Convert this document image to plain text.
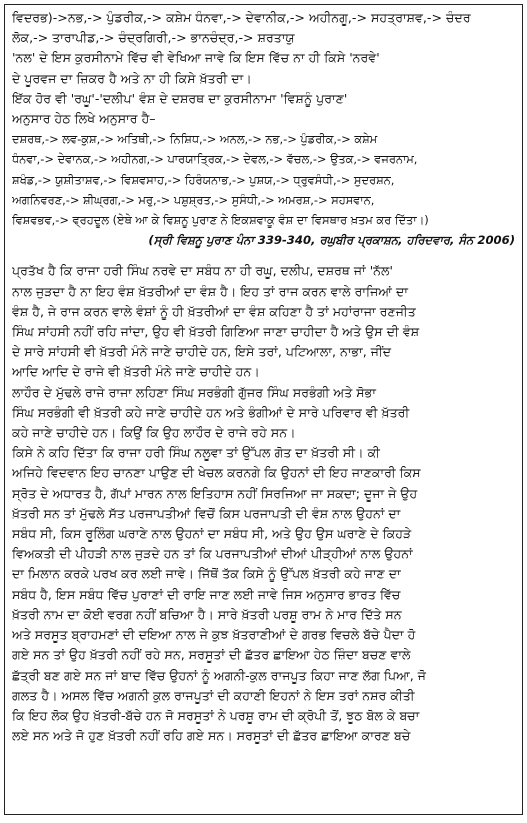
ਵਿਦਰਭ)->ਨਭ,-> ਪੁੰਡਰੀਕ,-> ਕਸ਼ੇਮ ਧੰਨਵਾ,-> ਦੇਵਾਨੀਕ,-> ਅਹੀਨਗੂ,-> ਸਹਤ੍ਰਾਸ਼ਵ,-> ਚੰਦਰ
ਲੋਕ,-> ਤਾਰਾਪੀਡ,-> ਚੰਦ੍ਰਗਿਰੀ,-> ਭਾਨਚੰਦ੍ਰ,-> ਸ਼ਰਤਾਯੁ
'ਨਲ' ਦੇ ਇਸ ਕੁਰਸੀਨਾਮੇ ਵਿੱਚ ਵੀ ਵੇਖਿਆ ਜਾਵੇ ਕਿ ਇਸ ਵਿੱਚ ਨਾ ਹੀ ਕਿਸੇ 'ਨਰਵੇ'
ਦੇ ਪੂਰਵਜ ਦਾ ਜ਼ਿਕਰ ਹੈ ਅਤੇ ਨਾ ਹੀ ਕਿਸੇ ਖ਼ੱਤਰੀ ਦਾ।
ਇੱਕ ਹੋਰ ਵੀ 'ਰਘੂ'-'ਦਲੀਪ' ਵੰਸ਼ ਦੇ ਦਸ਼ਰਥ ਦਾ ਕੁਰਸੀਨਾਮਾ 'ਵਿਸ਼ਨੂੰ ਪੁਰਾਣ'
ਅਨੁਸਾਰ ਹੇਠ ਲਿਖੇ ਅਨੁਸਾਰ ਹੈ–
ਦਸ਼ਰਥ,-> ਲਵ-ਕੁਸ਼,-> ਅਤਿਥੀ,-> ਨਿਸ਼ਿਧ,-> ਅਨਲ,-> ਨਭ,-> ਪੁੰਡਰੀਕ,-> ਕਸ਼ੇਮ
ਧੰਨਵਾ,-> ਦੇਵਾਨਕ,-> ਅਹੀਨਗ,-> ਪਾਰਯਾਤ੍ਰਿਕ,-> ਦੇਵਲ,-> ਵੱਚਲ,-> ਉਤਕ,-> ਵਜਰਨਾਮ,
ਸ਼ਖੰਡ,-> ਯੁਸ਼ੀਤਾਸ਼ਵ,-> ਵਿਸ਼ਵਸਾਹ,-> ਹਿਰੰਯਨਾਭ,-> ਪੁਸ਼ਯ,-> ਧ੍ਰੁਵਸੰਧੀ,-> ਸੁਦਰਸ਼ਨ,
ਅਗਨਿਵਰਣ,-> ਸ਼ੀਘ੍ਰਗ,-> ਮਰੁ,-> ਪਸ਼ੁਸ਼੍ਰਤ,-> ਸੁਸੰਧੀ,-> ਅਮਰਸ਼,-> ਸਹਸਵਾਨ,
ਵਿਸ਼ਵਭਵ,-> ਵ੍ਰਹਦੂਲ (ਏਥੇ ਆ ਕੇ ਵਿਸ਼ਨੂ ਪੁਰਾਣ ਨੇ ਇਕਸ਼ਵਾਕੂ ਵੰਸ਼ ਦਾ ਵਿਸਥਾਰ ਖ਼ਤਮ ਕਰ ਦਿੱਤਾ।)
(ਸ੍ਰੀ ਵਿਸ਼ਨੂ ਪੁਰਾਣ ਪੰਨਾ 339-340, ਰਘੁਬੀਰ ਪ੍ਰਕਾਸ਼ਨ, ਹਰਿਦਵਾਰ, ਸੰਨ 2006)
ਪ੍ਰਤੱਖ ਹੈ ਕਿ ਰਾਜਾ ਹਰੀ ਸਿੰਘ ਨਰਵੇ ਦਾ ਸਬੰਧ ਨਾ ਹੀ ਰਘੂ, ਦਲੀਪ, ਦਸ਼ਰਥ ਜਾਂ 'ਨੱਲ'
ਨਾਲ ਜੁੜਦਾ ਹੈ ਨਾ ਇਹ ਵੰਸ਼ ਖ਼ੱਤਰੀਆਂ ਦਾ ਵੰਸ਼ ਹੈ। ਇਹ ਤਾਂ ਰਾਜ ਕਰਨ ਵਾਲੇ ਰਾਜਿਆਂ ਦਾ
ਵੰਸ਼ ਹੈ, ਜੇ ਰਾਜ ਕਰਨ ਵਾਲੇ ਵੰਸ਼ਾਂ ਨੂੰ ਹੀ ਖ਼ੱਤਰੀਆਂ ਦਾ ਵੰਸ਼ ਕਹਿਣਾ ਹੈ ਤਾਂ ਮਹਾਂਰਾਜਾ ਰਣਜੀਤ
ਸਿੰਘ ਸਾਂਹਸੀ ਨਹੀਂ ਰਹਿ ਜਾਂਦਾ, ਉਹ ਵੀ ਖ਼ੱਤਰੀ ਗਿਣਿਆ ਜਾਣਾ ਚਾਹੀਦਾ ਹੈ ਅਤੇ ਉਸ ਦੀ ਵੰਸ਼
ਦੇ ਸਾਰੇ ਸਾਂਹਸੀ ਵੀ ਖ਼ੱਤਰੀ ਮੰਨੇ ਜਾਣੇ ਚਾਹੀਦੇ ਹਨ, ਇਸੇ ਤਰਾਂ, ਪਟਿਆਲਾ, ਨਾਭਾ, ਜੀਂਦ
ਆਦਿ ਆਦਿ ਦੇ ਰਾਜੇ ਵੀ ਖ਼ੱਤਰੀ ਮੰਨੇ ਜਾਣੇ ਚਾਹੀਦੇ ਹਨ।
ਲਾਹੌਰ ਦੇ ਮੁੱਢਲੇ ਰਾਜੇ ਰਾਜਾ ਲਹਿਣਾ ਸਿੰਘ ਸਰਭੰਗੀ ਗੁੱਜਰ ਸਿੰਘ ਸਰਭੰਗੀ ਅਤੇ ਸੋਭਾ
ਸਿੰਘ ਸਰਭੰਗੀ ਵੀ ਖ਼ੱਤਰੀ ਕਹੇ ਜਾਣੇ ਚਾਹੀਦੇ ਹਨ ਅਤੇ ਭੰਗੀਆਂ ਦੇ ਸਾਰੇ ਪਰਿਵਾਰ ਵੀ ਖ਼ੱਤਰੀ
ਕਹੇ ਜਾਣੇ ਚਾਹੀਦੇ ਹਨ। ਕਿਉਂ ਕਿ ਉਹ ਲਾਹੌਰ ਦੇ ਰਾਜੇ ਰਹੇ ਸਨ।
ਕਿਸੇ ਨੇ ਕਹਿ ਦਿੱਤਾ ਕਿ ਰਾਜਾ ਹਰੀ ਸਿੰਘ ਨਲੂਵਾ ਤਾਂ ਉੱਪਲ ਗੋਤ ਦਾ ਖ਼ੱਤਰੀ ਸੀ। ਕੀ
ਅਜਿਹੇ ਵਿਦਵਾਨ ਇਹ ਚਾਨਣਾ ਪਾਉਣ ਦੀ ਖੇਚਲ ਕਰਨਗੇ ਕਿ ਉਹਨਾਂ ਦੀ ਇਹ ਜਾਣਕਾਰੀ ਕਿਸ
ਸ੍ਰੋਤ ਦੇ ਅਧਾਰਤ ਹੈ, ਗੱਪਾਂ ਮਾਰਨ ਨਾਲ ਇਤਿਹਾਸ ਨਹੀਂ ਸਿਰਜਿਆ ਜਾ ਸਕਦਾ; ਦੂਜਾ ਜੇ ਉਹ
ਖ਼ੱਤਰੀ ਸਨ ਤਾਂ ਮੁੱਢਲੇ ਸੱਤ ਪਰਜਾਪਤੀਆਂ ਵਿਚੋਂ ਕਿਸ ਪਰਜਾਪਤੀ ਦੀ ਵੰਸ਼ ਨਾਲ ਉਹਨਾਂ ਦਾ
ਸਬੰਧ ਸੀ, ਕਿਸ ਰੂਲਿੰਗ ਘਰਾਣੇ ਨਾਲ ਉਹਨਾਂ ਦਾ ਸਬੰਧ ਸੀ, ਅਤੇ ਉਹ ਉਸ ਘਰਾਣੇ ਦੇ ਕਿਹੜੇ
ਵਿਅਕਤੀ ਦੀ ਪੀਹੜੀ ਨਾਲ ਜੁੜਦੇ ਹਨ ਤਾਂ ਕਿ ਪਰਜਾਪਤੀਆਂ ਦੀਆਂ ਪੀੜ੍ਹੀਆਂ ਨਾਲ ਉਹਨਾਂ
ਦਾ ਮਿਲਾਨ ਕਰਕੇ ਪਰਖ ਕਰ ਲਈ ਜਾਵੇ। ਜਿੱਥੋਂ ਤੱਕ ਕਿਸੇ ਨੂੰ ਉੱਪਲ ਖ਼ੱਤਰੀ ਕਹੇ ਜਾਣ ਦਾ
ਸਬੰਧ ਹੈ, ਇਸ ਸਬੰਧ ਵਿੱਚ ਪੁਰਾਣਾਂ ਦੀ ਰਾਇ ਜਾਣ ਲਈ ਜਾਵੇ ਜਿਸ ਅਨੁਸਾਰ ਭਾਰਤ ਵਿੱਚ
ਖ਼ੱਤਰੀ ਨਾਮ ਦਾ ਕੋਈ ਵਰਗ ਨਹੀਂ ਬਚਿਆ ਹੈ। ਸਾਰੇ ਖ਼ੱਤਰੀ ਪਰਸ਼ੂ ਰਾਮ ਨੇ ਮਾਰ ਦਿੱਤੇ ਸਨ
ਅਤੇ ਸਰਸੂਤ ਬ੍ਰਾਹਮਣਾਂ ਦੀ ਦਇਆ ਨਾਲ ਜੇ ਕੁਝ ਖ਼ੱਤਰਾਣੀਆਂ ਦੇ ਗਰਭ ਵਿਚਲੇ ਬੱਚੇ ਪੈਦਾ ਹੋ
ਗਏ ਸਨ ਤਾਂ ਉਹ ਖ਼ੱਤਰੀ ਨਹੀਂ ਰਹੇ ਸਨ, ਸਰਸੂਤਾਂ ਦੀ ਛੱਤਰ ਛਾਇਆ ਹੇਠ ਜ਼ਿੰਦਾ ਬਚਣ ਵਾਲੇ
ਛੱਤ੍ਰੀ ਬਣ ਗਏ ਸਨ ਜਾਂ ਬਾਦ ਵਿੱਚ ਉਹਨਾਂ ਨੂੰ ਅਗਨੀ-ਕੁਲ ਰਾਜਪੂਤ ਕਿਹਾ ਜਾਣ ਲੱਗ ਪਿਆ, ਜੋ
ਗਲਤ ਹੈ। ਅਸਲ ਵਿੱਚ ਅਗਨੀ ਕੁਲ ਰਾਜਪੂਤਾਂ ਦੀ ਕਹਾਣੀ ਇਹਨਾਂ ਨੇ ਇਸ ਤਰਾਂ ਨਸ਼ਰ ਕੀਤੀ
ਕਿ ਇਹ ਲੋਕ ਉਹ ਖ਼ੱਤਰੀ-ਬੱਚੇ ਹਨ ਜੋ ਸਰਸੂਤਾਂ ਨੇ ਪਰਸ਼ੂ ਰਾਮ ਦੀ ਕ੍ਰੋਪੀ ਤੋਂ, ਝੂਠ ਬੋਲ ਕੇ ਬਚਾ
ਲਏ ਸਨ ਅਤੇ ਜੋ ਹੁਣ ਖ਼ੱਤਰੀ ਨਹੀਂ ਰਹਿ ਗਏ ਸਨ। ਸਰਸੂਤਾਂ ਦੀ ਛੱਤਰ ਛਾਇਆ ਕਾਰਣ ਬਚੇ
